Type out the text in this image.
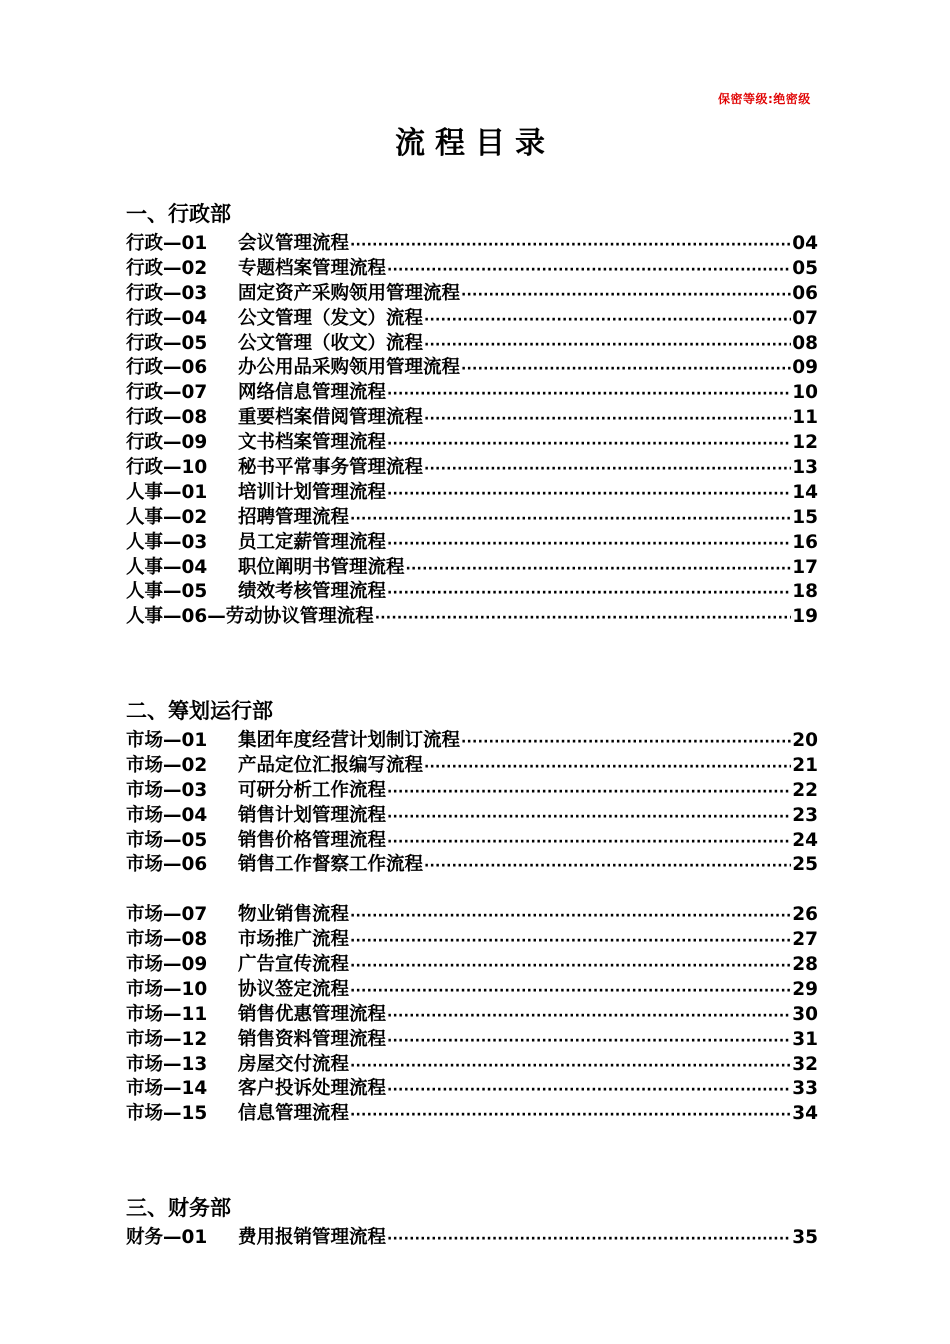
保密等级:绝密级
流程目录
一、行政部
行政—01	会议管理流程 ·····	04
行政—02	专题档案管理流程 ·····	05
行政—03	固定资产采购领用管理流程 ·····	06
行政—04	公文管理（发文）流程 ·····	07
行政—05	公文管理（收文）流程 ·····	08
行政—06	办公用品采购领用管理流程 ·····	09
行政—07	网络信息管理流程 ·····	10
行政—08	重要档案借阅管理流程 ·····	11
行政—09	文书档案管理流程 ·····	12
行政—10	秘书平常事务管理流程 ·····	13
人事—01	培训计划管理流程 ·····	14
人事—02	招聘管理流程 ·····	15
人事—03	员工定薪管理流程 ·····	16
人事—04	职位阐明书管理流程 ·····	17
人事—05	绩效考核管理流程 ·····	18
人事—06— 劳动协议管理流程 ·····	19
二、筹划运行部
市场—01	集团年度经营计划制订流程 ·····	20
市场—02	产品定位汇报编写流程 ·····	21
市场—03	可研分析工作流程 ·····	22
市场—04	销售计划管理流程 ·····	23
市场—05	销售价格管理流程 ·····	24
市场—06	销售工作督察工作流程 ·····	25
市场—07	物业销售流程 ·····	26
市场—08	市场推广流程 ·····	27
市场—09	广告宣传流程 ·····	28
市场—10	协议签定流程 ·····	29
市场—11	销售优惠管理流程 ·····	30
市场—12	销售资料管理流程 ·····	31
市场—13	房屋交付流程 ·····	32
市场—14	客户投诉处理流程 ·····	33
市场—15	信息管理流程 ·····	34
三、财务部
财务—01	费用报销管理流程 ·····	35
